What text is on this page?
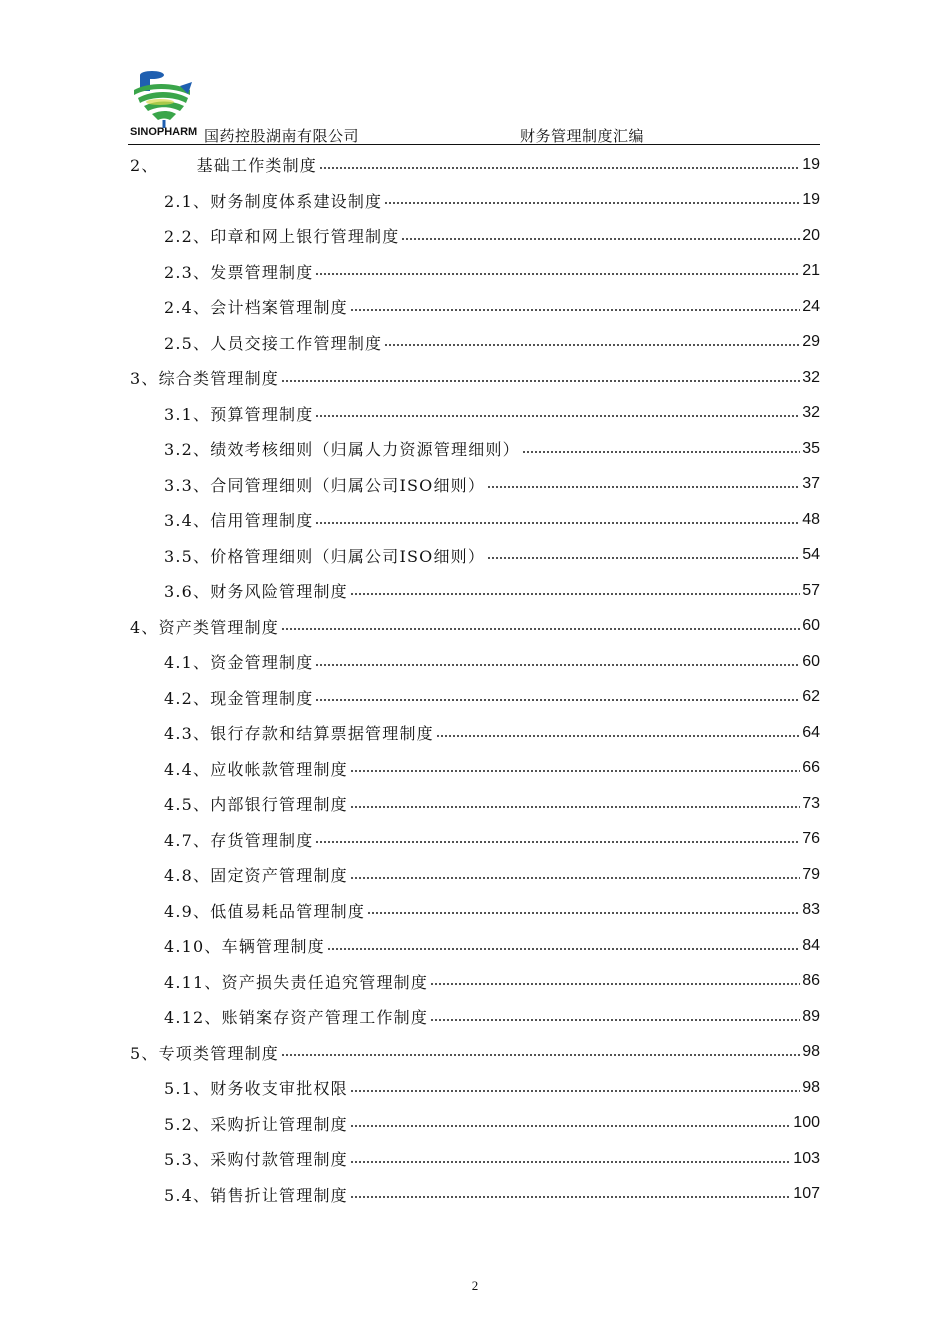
SINOPHARM 国药控股湖南有限公司	财务管理制度汇编
2、 基础工作类制度	19
2.1、 财务制度体系建设制度	19
2.2、 印章和网上银行管理制度	20
2.3、 发票管理制度	21
2.4、 会计档案管理制度	24
2.5、 人员交接工作管理制度	29
3、 综合类管理制度	32
3.1、 预算管理制度	32
3.2、 绩效考核细则（归属人力资源管理细则）	35
3.3、 合同管理细则（归属公司ISO细则）	37
3.4、 信用管理制度	48
3.5、 价格管理细则（归属公司ISO细则）	54
3.6、 财务风险管理制度	57
4、 资产类管理制度	60
4.1、 资金管理制度	60
4.2、 现金管理制度	62
4.3、 银行存款和结算票据管理制度	64
4.4、 应收帐款管理制度	66
4.5、 内部银行管理制度	73
4.7、 存货管理制度	76
4.8、 固定资产管理制度	79
4.9、 低值易耗品管理制度	83
4.10、 车辆管理制度	84
4.11、 资产损失责任追究管理制度	86
4.12、 账销案存资产管理工作制度	89
5、 专项类管理制度	98
5.1、 财务收支审批权限	98
5.2、 采购折让管理制度	100
5.3、 采购付款管理制度	103
5.4、 销售折让管理制度	107
2
